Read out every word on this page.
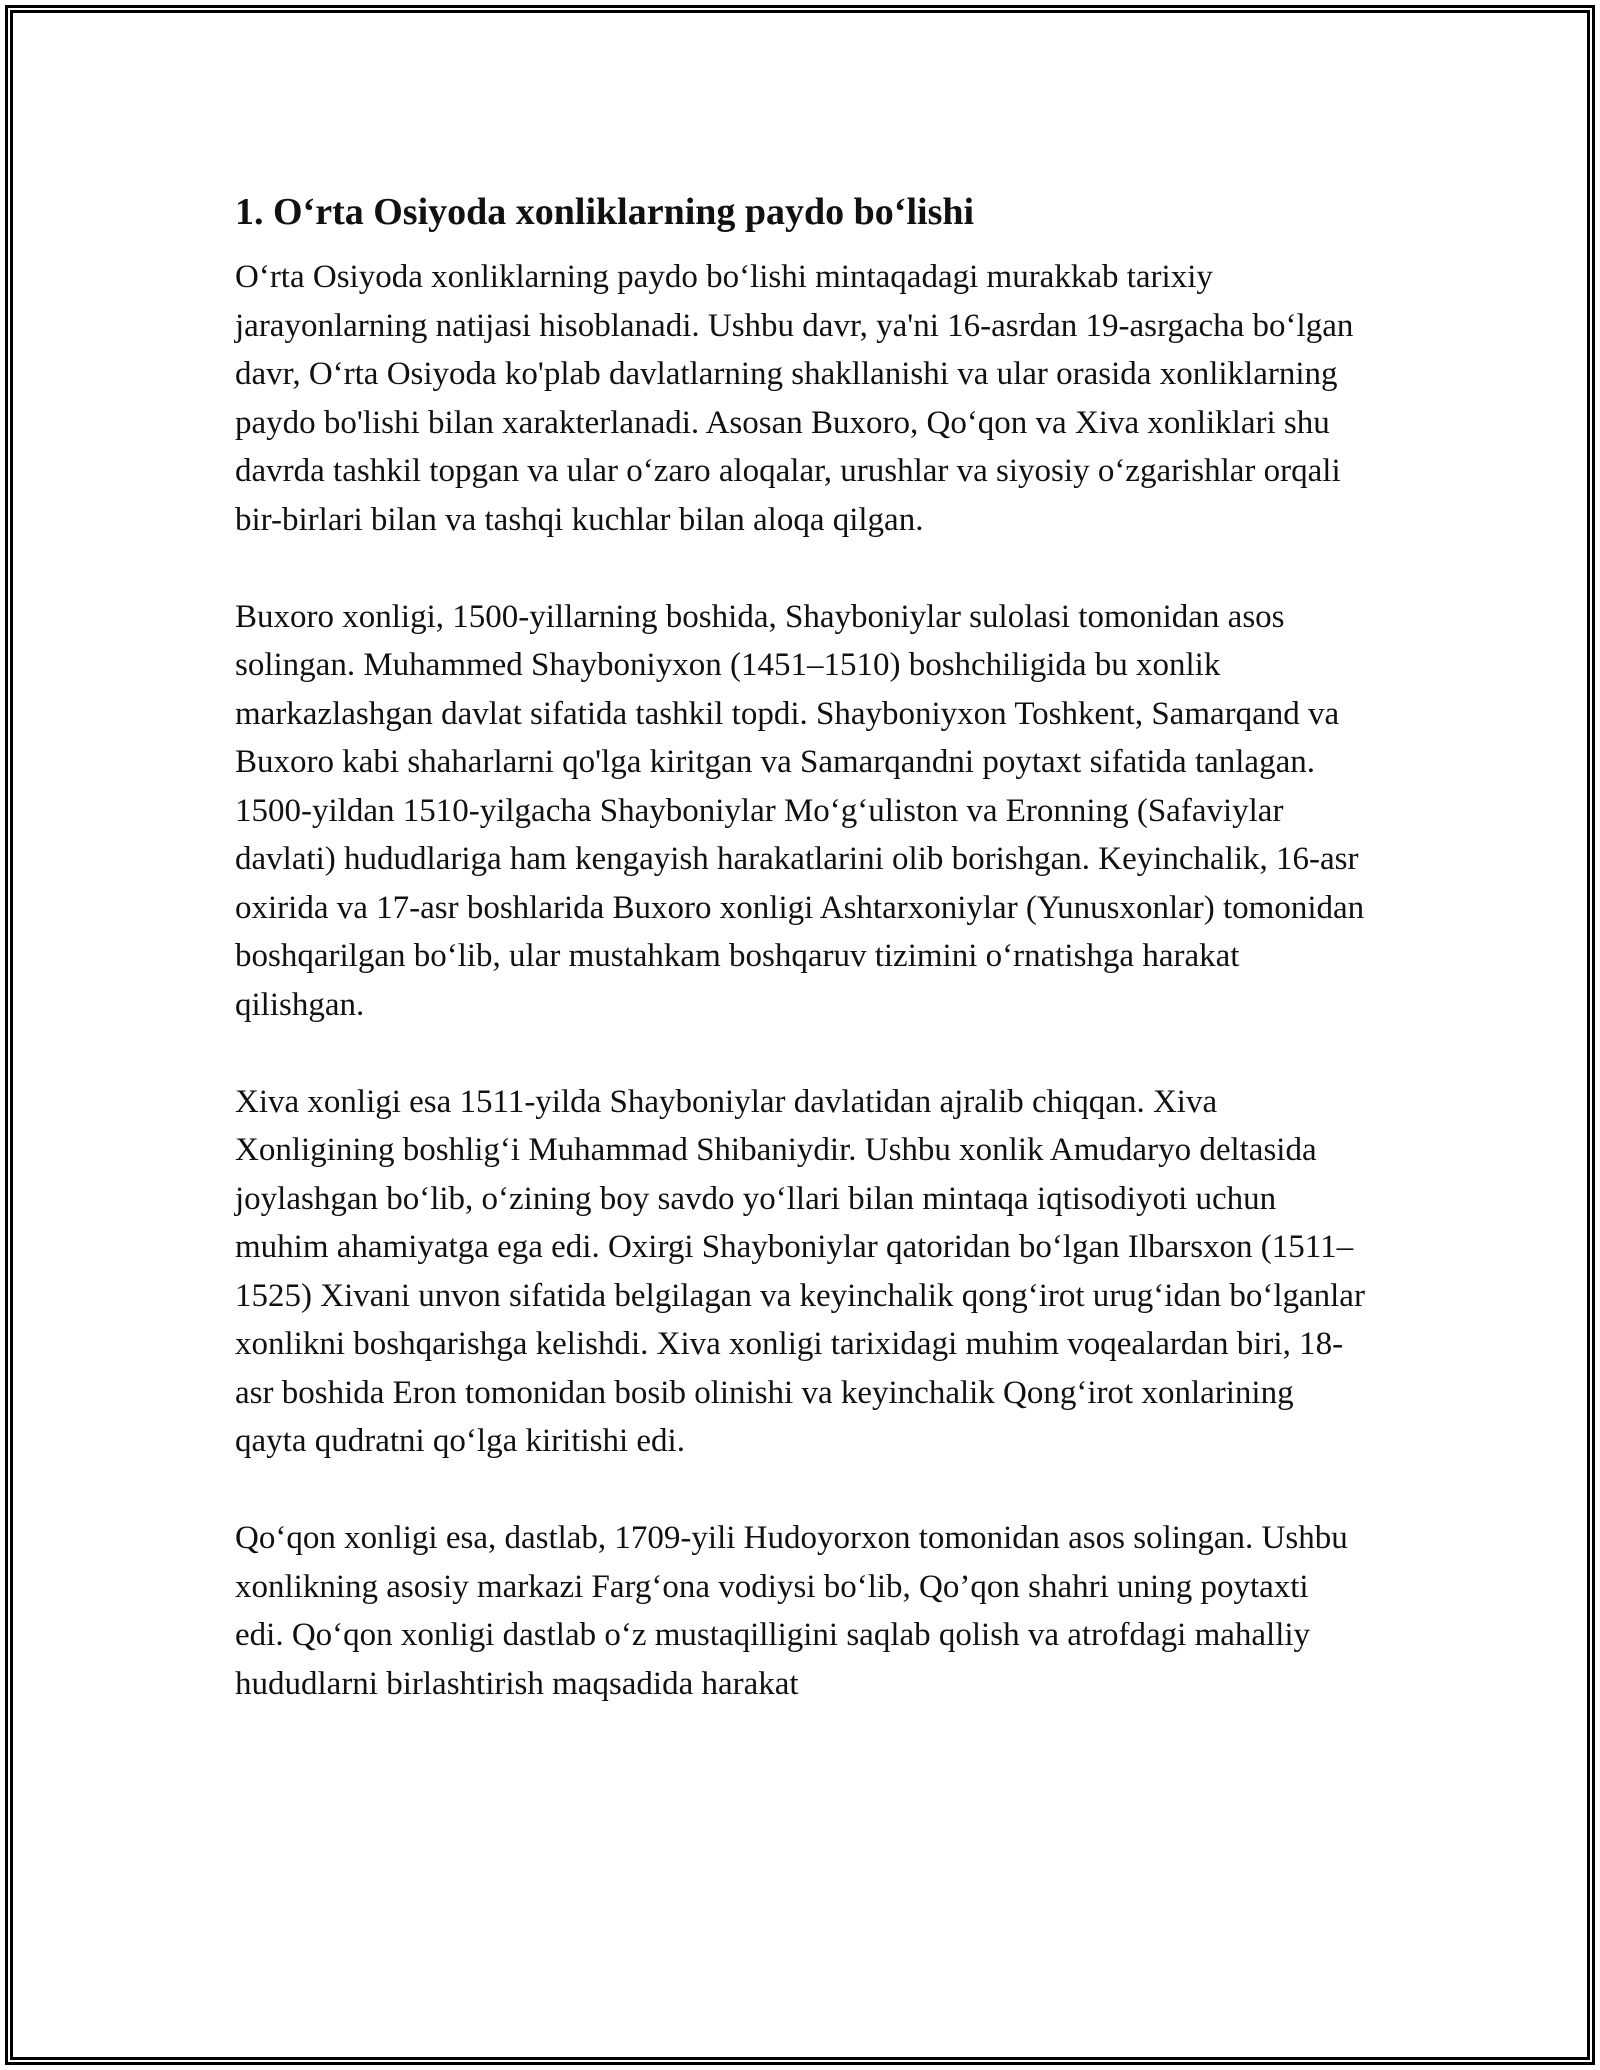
1. O‘rta Osiyoda xonliklarning paydo bo‘lishi

O‘rta Osiyoda xonliklarning paydo bo‘lishi mintaqadagi murakkab tarixiy jarayonlarning natijasi hisoblanadi. Ushbu davr, ya'ni 16-asrdan 19-asrgacha bo‘lgan davr, O‘rta Osiyoda ko'plab davlatlarning shakllanishi va ular orasida xonliklarning paydo bo'lishi bilan xarakterlanadi. Asosan Buxoro, Qo‘qon va Xiva xonliklari shu davrda tashkil topgan va ular o‘zaro aloqalar, urushlar va siyosiy o‘zgarishlar orqali bir-birlari bilan va tashqi kuchlar bilan aloqa qilgan.

Buxoro xonligi, 1500-yillarning boshida, Shayboniylar sulolasi tomonidan asos solingan. Muhammed Shayboniyxon (1451–1510) boshchiligida bu xonlik markazlashgan davlat sifatida tashkil topdi. Shayboniyxon Toshkent, Samarqand va Buxoro kabi shaharlarni qo'lga kiritgan va Samarqandni poytaxt sifatida tanlagan. 1500-yildan 1510-yilgacha Shayboniylar Mo‘g‘uliston va Eronning (Safaviylar davlati) hududlariga ham kengayish harakatlarini olib borishgan. Keyinchalik, 16-asr oxirida va 17-asr boshlarida Buxoro xonligi Ashtarxoniylar (Yunusxonlar) tomonidan boshqarilgan bo‘lib, ular mustahkam boshqaruv tizimini o‘rnatishga harakat qilishgan.

Xiva xonligi esa 1511-yilda Shayboniylar davlatidan ajralib chiqqan. Xiva Xonligining boshlig‘i Muhammad Shibaniydir. Ushbu xonlik Amudaryo deltasida joylashgan bo‘lib, o‘zining boy savdo yo‘llari bilan mintaqa iqtisodiyoti uchun muhim ahamiyatga ega edi. Oxirgi Shayboniylar qatoridan bo‘lgan Ilbarsxon (1511–1525) Xivani unvon sifatida belgilagan va keyinchalik qong‘irot urug‘idan bo‘lganlar xonlikni boshqarishga kelishdi. Xiva xonligi tarixidagi muhim voqealardan biri, 18-asr boshida Eron tomonidan bosib olinishi va keyinchalik Qong‘irot xonlarining qayta qudratni qo‘lga kiritishi edi.

Qo‘qon xonligi esa, dastlab, 1709-yili Hudoyorxon tomonidan asos solingan. Ushbu xonlikning asosiy markazi Farg‘ona vodiysi bo‘lib, Qo’qon shahri uning poytaxti edi. Qo‘qon xonligi dastlab o‘z mustaqilligini saqlab qolish va atrofdagi mahalliy hududlarni birlashtirish maqsadida harakat
